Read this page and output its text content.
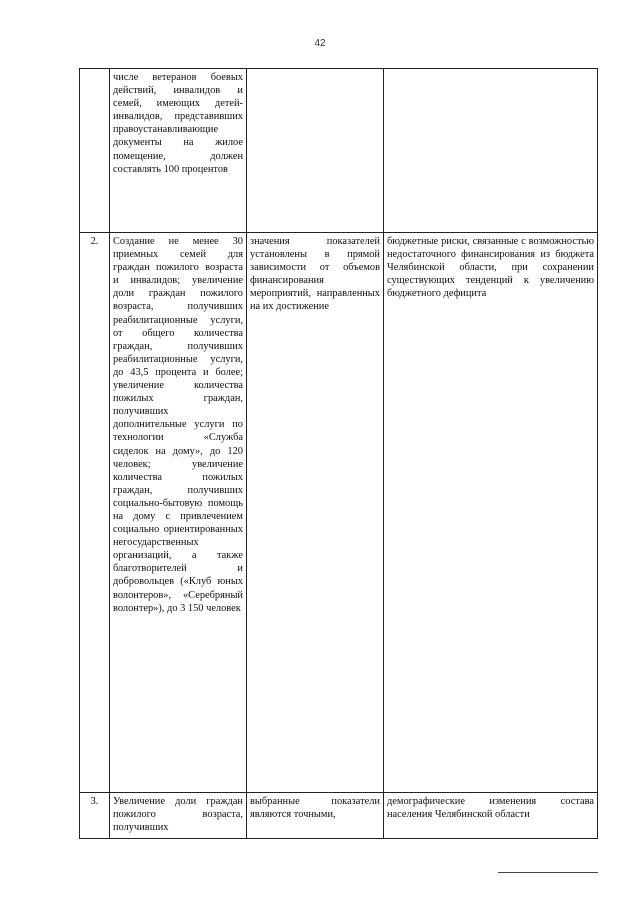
42
	числе ветеранов боевых действий, инвалидов и семей, имеющих детей-инвалидов, представивших правоустанавливающие документы на жилое помещение, должен составлять 100 процентов		
2.	Создание не менее 30 приемных семей для граждан пожилого возраста и инвалидов; увеличение доли граждан пожилого возраста, получивших реабилитационные услуги, от общего количества граждан, получивших реабилитационные услуги, до 43,5 процента и более; увеличение количества пожилых граждан, получивших дополнительные услуги по технологии «Служба сиделок на дому», до 120 человек; увеличение количества пожилых граждан, получивших социально-бытовую помощь на дому с привлечением социально ориентированных негосударственных организаций, а также благотворителей и добровольцев («Клуб юных волонтеров», «Серебряный волонтер»), до 3 150 человек	значения показателей установлены в прямой зависимости от объемов финансирования мероприятий, направленных на их достижение	бюджетные риски, связанные с возможностью недостаточного финансирования из бюджета Челябинской области, при сохранении существующих тенденций к увеличению бюджетного дефицита
3.	Увеличение доли граждан пожилого возраста, получивших	выбранные показатели являются точными,	демографические изменения состава населения Челябинской области
